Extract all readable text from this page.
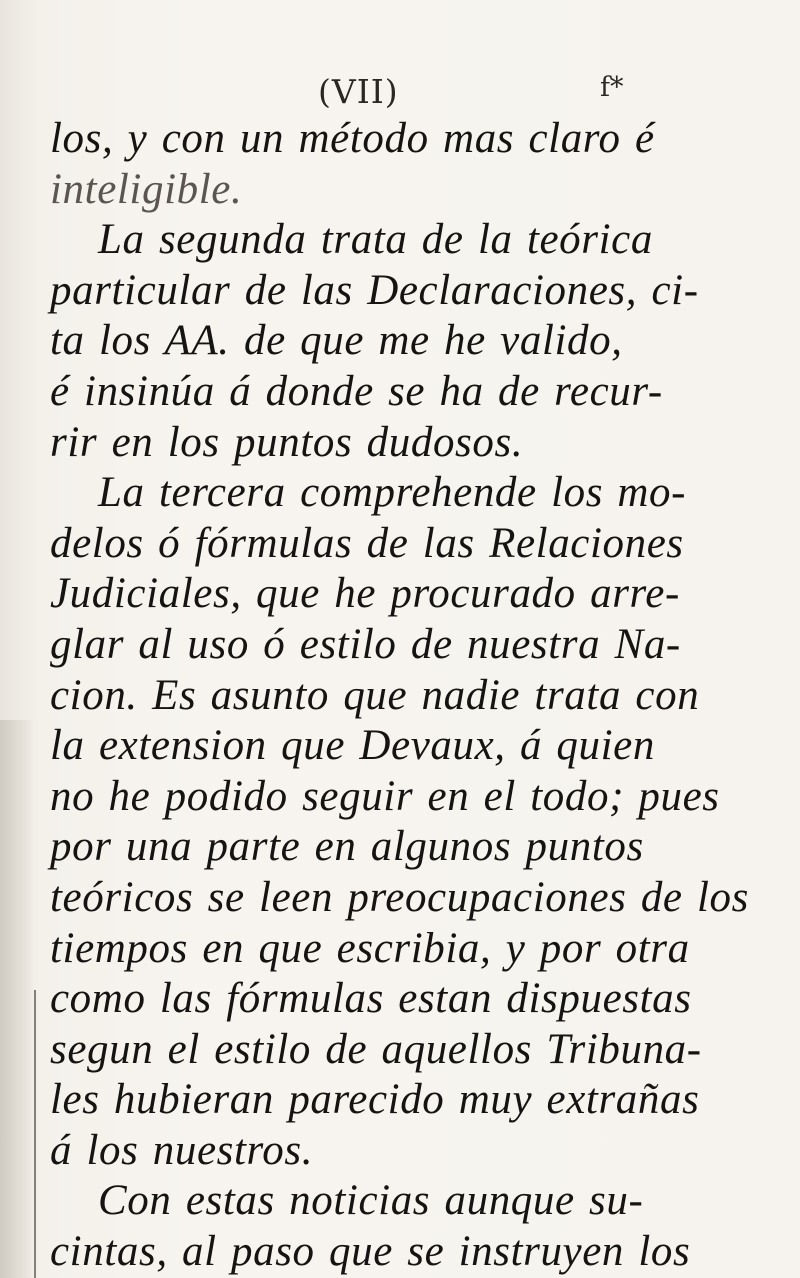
(VII)	f*
los, y con un método mas claro é
inteligible.
La segunda trata de la teórica
particular de las Declaraciones, ci-
ta los AA. de que me he valido,
é insinúa á donde se ha de recur-
rir en los puntos dudosos.
La tercera comprehende los mo-
delos ó fórmulas de las Relaciones
Judiciales, que he procurado arre-
glar al uso ó estilo de nuestra Na-
cion. Es asunto que nadie trata con
la extension que Devaux, á quien
no he podido seguir en el todo; pues
por una parte en algunos puntos
teóricos se leen preocupaciones de los
tiempos en que escribia, y por otra
como las fórmulas estan dispuestas
segun el estilo de aquellos Tribuna-
les hubieran parecido muy extrañas
á los nuestros.
Con estas noticias aunque su-
cintas, al paso que se instruyen los
